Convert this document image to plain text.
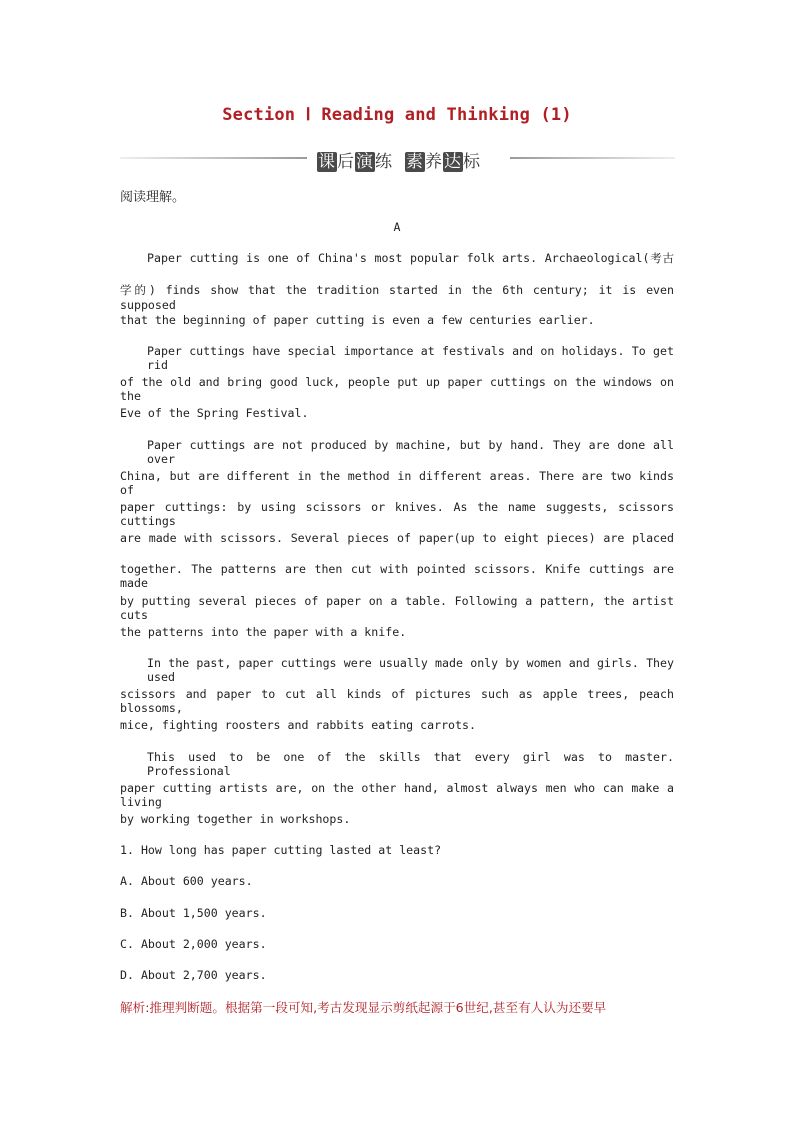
Section Ⅰ Reading and Thinking (1)
课后演练 素养达标
阅读理解。
A
Paper cutting is one of China's most popular folk arts. Archaeological(考古
学的) finds show that the tradition started in the 6th century; it is even supposed
that the beginning of paper cutting is even a few centuries earlier.
Paper cuttings have special importance at festivals and on holidays. To get rid
of the old and bring good luck, people put up paper cuttings on the windows on the
Eve of the Spring Festival.
Paper cuttings are not produced by machine, but by hand. They are done all over
China, but are different in the method in different areas. There are two kinds of
paper cuttings: by using scissors or knives. As the name suggests, scissors cuttings
are made with scissors. Several pieces of paper(up to eight pieces) are placed
together. The patterns are then cut with pointed scissors. Knife cuttings are made
by putting several pieces of paper on a table. Following a pattern, the artist cuts
the patterns into the paper with a knife.
In the past, paper cuttings were usually made only by women and girls. They used
scissors and paper to cut all kinds of pictures such as apple trees, peach blossoms,
mice, fighting roosters and rabbits eating carrots.
This used to be one of the skills that every girl was to master. Professional
paper cutting artists are, on the other hand, almost always men who can make a living
by working together in workshops.
1. How long has paper cutting lasted at least?
A. About 600 years.
B. About 1,500 years.
C. About 2,000 years.
D. About 2,700 years.
解析:推理判断题。根据第一段可知,考古发现显示剪纸起源于6世纪,甚至有人认为还要早
